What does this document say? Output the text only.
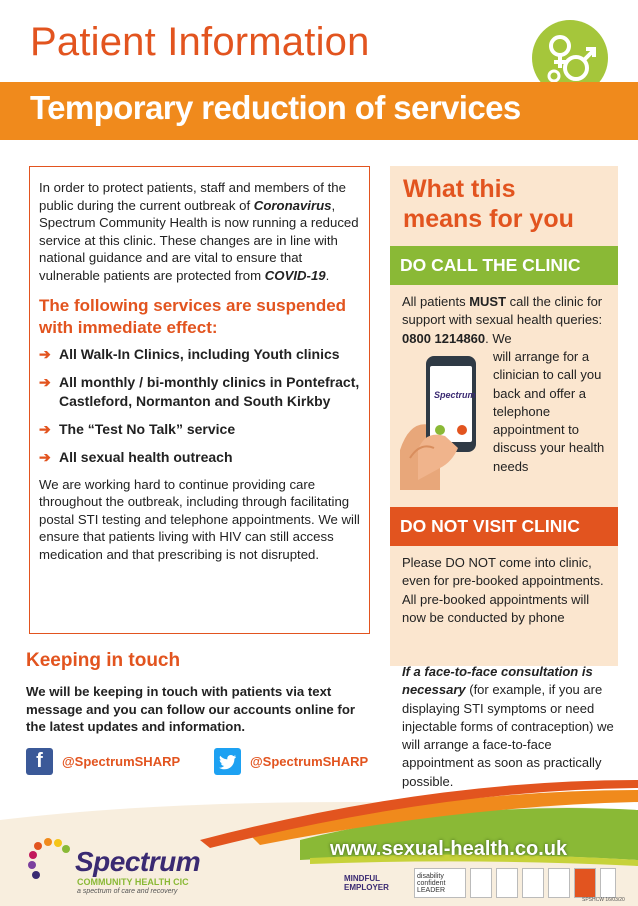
Patient Information
Temporary reduction of services

In order to protect patients, staff and members of the public during the current outbreak of Coronavirus, Spectrum Community Health is now running a reduced service at this clinic. These changes are in line with national guidance and are vital to ensure that vulnerable patients are protected from COVID-19.

The following services are suspended with immediate effect:
➔ All Walk-In Clinics, including Youth clinics
➔ All monthly / bi-monthly clinics in Pontefract, Castleford, Normanton and South Kirkby
➔ The “Test No Talk” service
➔ All sexual health outreach

We are working hard to continue providing care throughout the outbreak, including through facilitating postal STI testing and telephone appointments. We will ensure that patients living with HIV can still access medication and that prescribing is not disrupted.

Keeping in touch
We will be keeping in touch with patients via text message and you can follow our accounts online for the latest updates and information.
f	@SpectrumSHARP	@SpectrumSHARP
What this
means for you
DO CALL THE CLINIC
All patients MUST call the clinic for support with sexual health queries: 0800 1214860. We
will arrange for a clinician to call you back and offer a telephone appointment to discuss your health needs
Spectrum
DO NOT VISIT CLINIC
Please DO NOT come into clinic, even for pre-booked appointments. All pre-booked appointments will now be conducted by phone
If a face-to-face consultation is necessary (for example, if you are displaying STI symptoms or need injectable forms of contraception) we will arrange a face-to-face appointment as soon as practically possible.
www.sexual-health.co.uk
Spectrum
COMMUNITY HEALTH CIC
a spectrum of care and recovery
MINDFUL EMPLOYER
disability confident LEADER
SPSHCW 16/03/20
